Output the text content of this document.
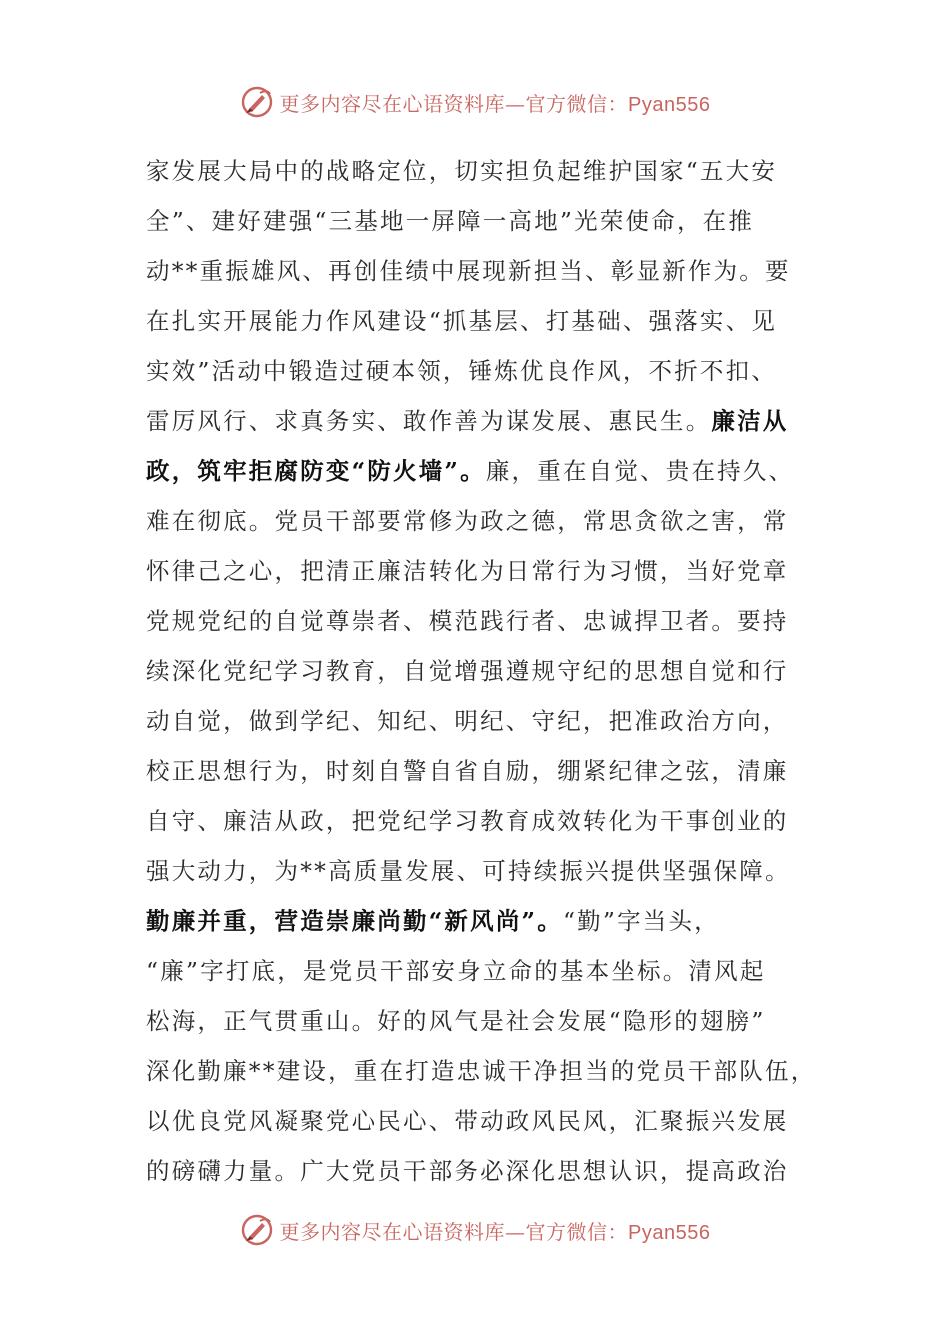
更多内容尽在心语资料库—官方微信：Pyan556
家发展大局中的战略定位，切实担负起维护国家“五大安
全”、建好建强“三基地一屏障一高地”光荣使命，在推
动**重振雄风、再创佳绩中展现新担当、彰显新作为。要
在扎实开展能力作风建设“抓基层、打基础、强落实、见
实效”活动中锻造过硬本领，锤炼优良作风，不折不扣、
雷厉风行、求真务实、敢作善为谋发展、惠民生。廉洁从
政，筑牢拒腐防变“防火墙”。廉，重在自觉、贵在持久、
难在彻底。党员干部要常修为政之德，常思贪欲之害，常
怀律己之心，把清正廉洁转化为日常行为习惯，当好党章
党规党纪的自觉尊崇者、模范践行者、忠诚捍卫者。要持
续深化党纪学习教育，自觉增强遵规守纪的思想自觉和行
动自觉，做到学纪、知纪、明纪、守纪，把准政治方向，
校正思想行为，时刻自警自省自励，绷紧纪律之弦，清廉
自守、廉洁从政，把党纪学习教育成效转化为干事创业的
强大动力，为**高质量发展、可持续振兴提供坚强保障。
勤廉并重，营造崇廉尚勤“新风尚”。“勤”字当头，
“廉”字打底，是党员干部安身立命的基本坐标。清风起
松海，正气贯重山。好的风气是社会发展“隐形的翅膀”
深化勤廉**建设，重在打造忠诚干净担当的党员干部队伍，
以优良党风凝聚党心民心、带动政风民风，汇聚振兴发展
的磅礴力量。广大党员干部务必深化思想认识，提高政治
更多内容尽在心语资料库—官方微信：Pyan556
